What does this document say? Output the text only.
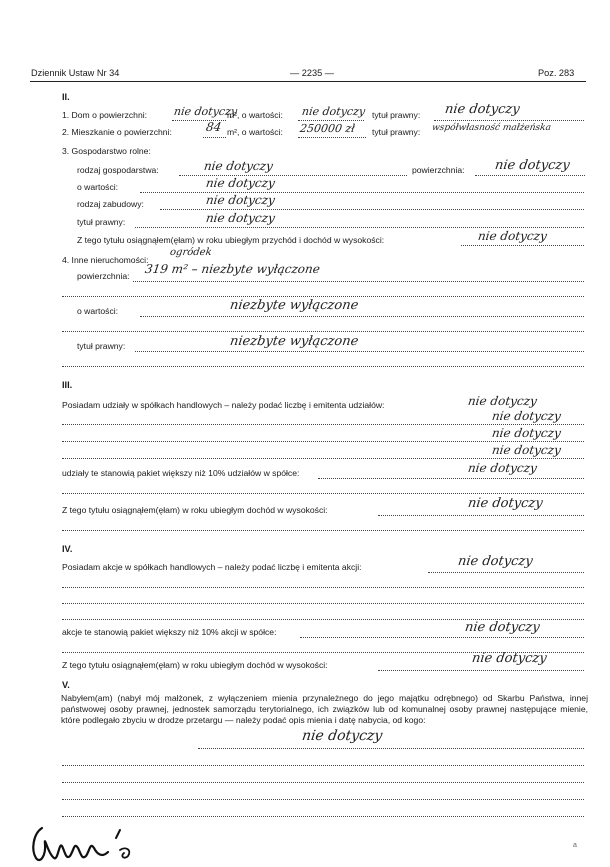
Dziennik Ustaw Nr 34	— 2235 —	Poz. 283
II.
1. Dom o powierzchni: nie dotyczy
m², o wartości: nie dotyczy tytuł prawny: nie dotyczy
2. Mieszkanie o powierzchni:	84 m², o wartości: 250000 zł tytuł prawny: współwłasność małżeńska
3. Gospodarstwo rolne:
rodzaj gospodarstwa:	nie dotyczy	powierzchnia: nie dotyczy
o wartości:	nie dotyczy
rodzaj zabudowy:	nie dotyczy
tytuł prawny:	nie dotyczy
Z tego tytułu osiągnąłem(ęłam) w roku ubiegłym przychód i dochód w wysokości:	nie dotyczy
4. Inne nieruchomości:
ogródek
powierzchnia: 319 m² – niezbyte wyłączone
o wartości:	niezbyte wyłączone
tytuł prawny:	niezbyte wyłączone
III.
Posiadam udziały w spółkach handlowych – należy podać liczbę i emitenta udziałów:	nie dotyczy
nie dotyczy
nie dotyczy
nie dotyczy
udziały te stanowią pakiet większy niż 10% udziałów w spółce:	nie dotyczy
Z tego tytułu osiągnąłem(ęłam) w roku ubiegłym dochód w wysokości:	nie dotyczy
IV.
Posiadam akcje w spółkach handlowych – należy podać liczbę i emitenta akcji:	nie dotyczy
akcje te stanowią pakiet większy niż 10% akcji w spółce:	nie dotyczy
Z tego tytułu osiągnąłem(ęłam) w roku ubiegłym dochód w wysokości:	nie dotyczy
V.
Nabyłem(am) (nabył mój małżonek, z wyłączeniem mienia przynależnego do jego majątku odrębnego) od Skarbu Państwa, innej państwowej osoby prawnej, jednostek samorządu terytorialnego, ich związków lub od komunalnej osoby prawnej następujące mienie, które podlegało zbyciu w drodze przetargu — należy podać opis mienia i datę nabycia, od kogo:
nie dotyczy
a
